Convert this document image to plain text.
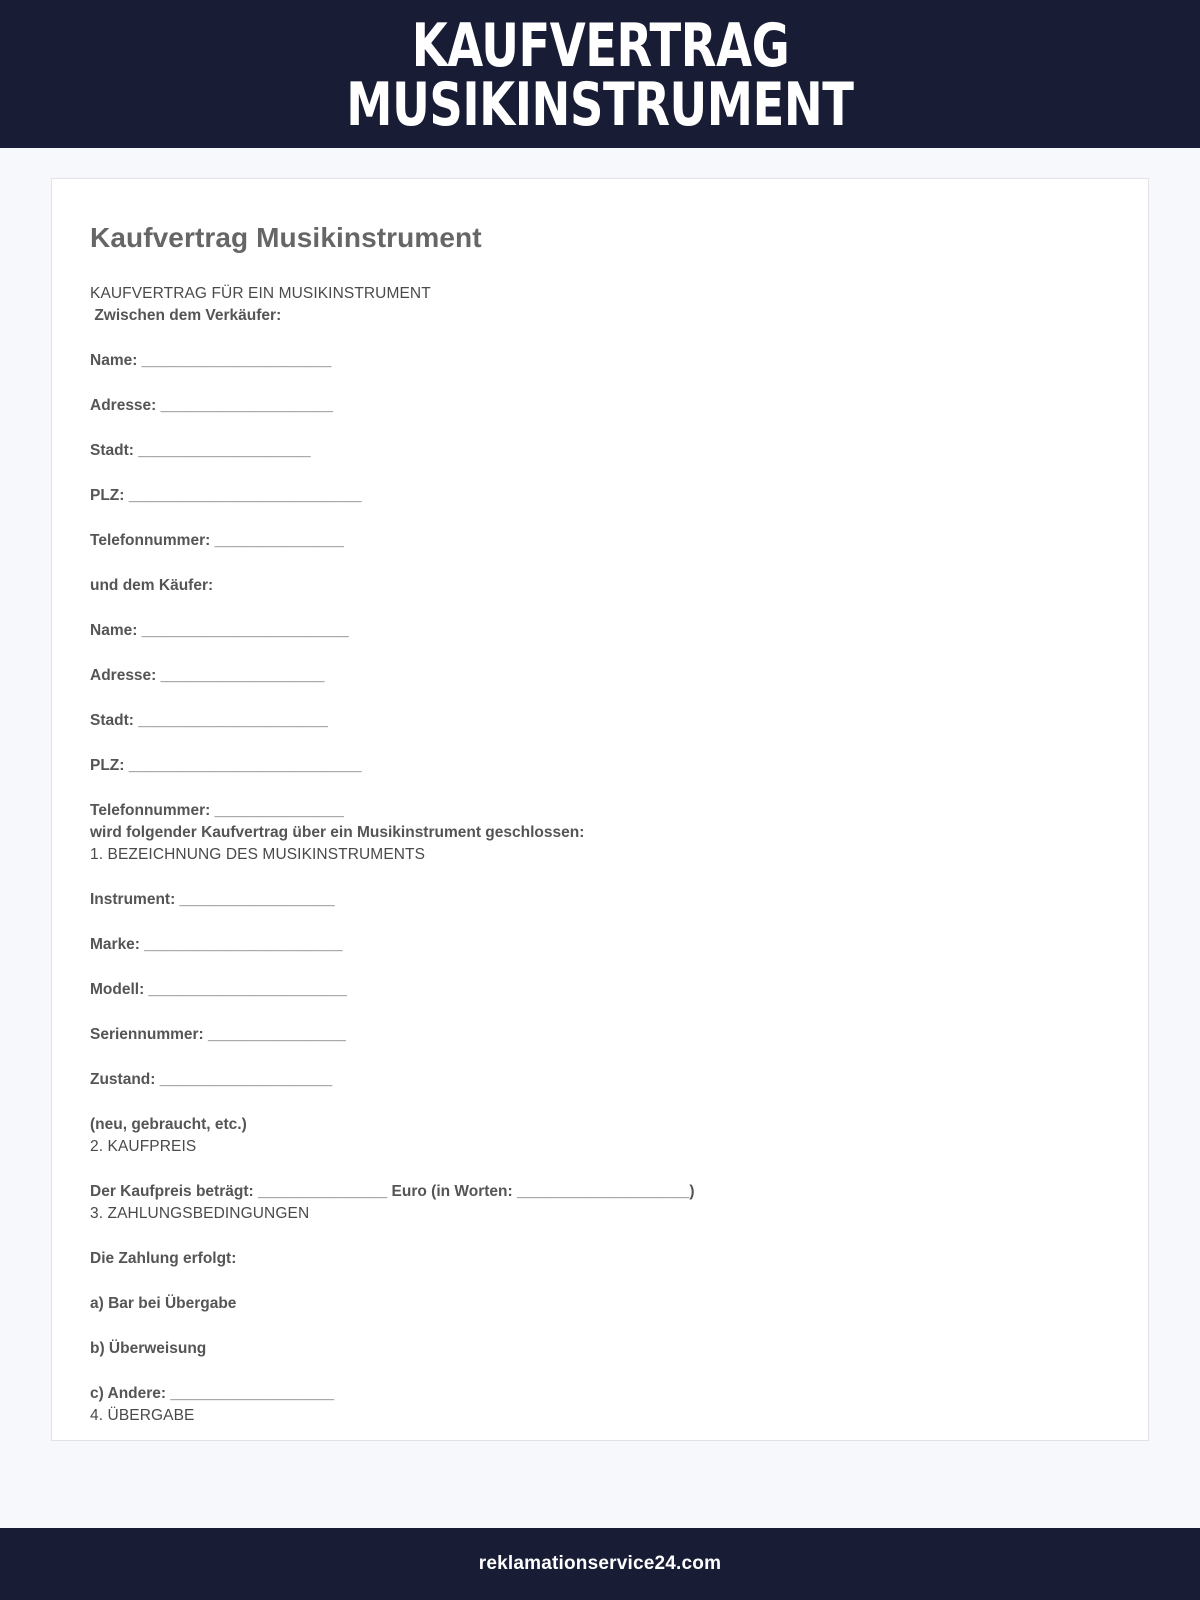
KAUFVERTRAG
MUSIKINSTRUMENT
Kaufvertrag Musikinstrument

KAUFVERTRAG FÜR EIN MUSIKINSTRUMENT

Zwischen dem Verkäufer:

Name: ______________________

Adresse: ____________________

Stadt: ____________________

PLZ: ___________________________

Telefonnummer: _______________

und dem Käufer:

Name: ________________________

Adresse: ___________________

Stadt: ______________________

PLZ: ___________________________

Telefonnummer: _______________

wird folgender Kaufvertrag über ein Musikinstrument geschlossen:

1. BEZEICHNUNG DES MUSIKINSTRUMENTS

Instrument: __________________

Marke: _______________________

Modell: _______________________

Seriennummer: ________________

Zustand: ____________________

(neu, gebraucht, etc.)

2. KAUFPREIS

Der Kaufpreis beträgt: _______________ Euro (in Worten: ____________________)

3. ZAHLUNGSBEDINGUNGEN

Die Zahlung erfolgt:

a) Bar bei Übergabe

b) Überweisung

c) Andere: ___________________

4. ÜBERGABE

reklamationservice24.com
